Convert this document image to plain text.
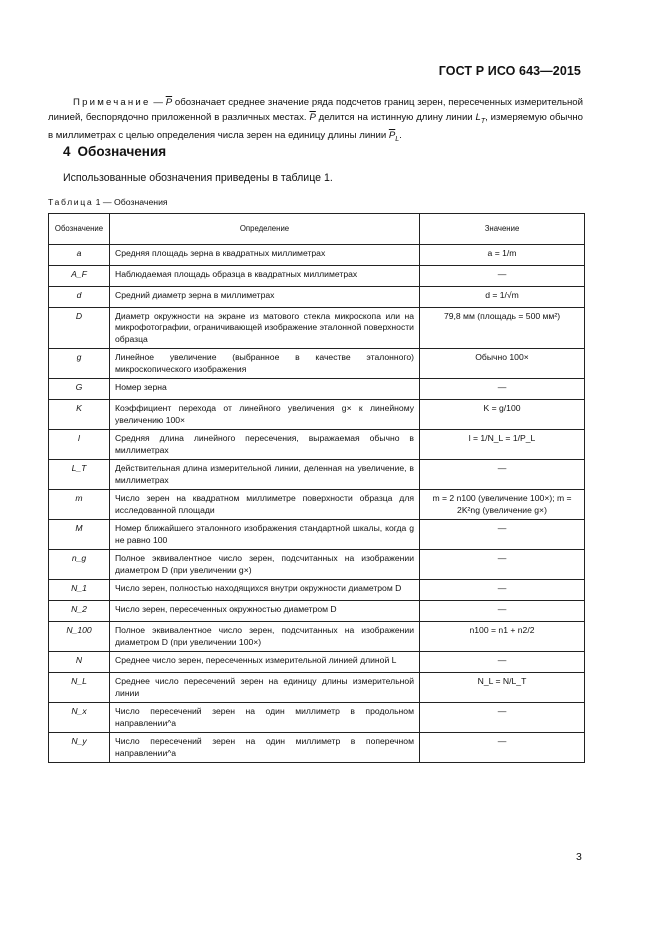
ГОСТ Р ИСО 643—2015
Примечание — $\overline{P}$ обозначает среднее значение ряда подсчетов границ зерен, пересеченных измерительной линией, беспорядочно приложенной в различных местах. $\overline{P}$ делится на истинную длину линии $L_T$, измеряемую обычно в миллиметрах с целью определения числа зерен на единицу длины линии $\overline{P}_L$.
4 Обозначения
Использованные обозначения приведены в таблице 1.
Таблица 1 — Обозначения
Обозначение	Определение	Значение
a	Средняя площадь зерна в квадратных миллиметрах	a = 1/m
A_F	Наблюдаемая площадь образца в квадратных миллиметрах	—
d	Средний диаметр зерна в миллиметрах	d = 1/√m
D	Диаметр окружности на экране из матового стекла микроскопа или на микрофотографии, ограничивающей изображение эталонной поверхности образца	79,8 мм (площадь = 500 мм²)
g	Линейное увеличение (выбранное в качестве эталонного) микроскопического изображения	Обычно 100×
G	Номер зерна	—
K	Коэффициент перехода от линейного увеличения g× к линейному увеличению 100×	K = g/100
l	Средняя длина линейного пересечения, выражаемая обычно в миллиметрах	l = 1/N_L = 1/P_L
L_T	Действительная длина измерительной линии, деленная на увеличение, в миллиметрах	—
m	Число зерен на квадратном миллиметре поверхности образца для исследованной площади	m = 2 n100 (увеличение 100×); m = 2K²ng (увеличение g×)
M	Номер ближайшего эталонного изображения стандартной шкалы, когда g не равно 100	—
n_g	Полное эквивалентное число зерен, подсчитанных на изображении диаметром D (при увеличении g×)	—
N_1	Число зерен, полностью находящихся внутри окружности диаметром D	—
N_2	Число зерен, пересеченных окружностью диаметром D	—
N_100	Полное эквивалентное число зерен, подсчитанных на изображении диаметром D (при увеличении 100×)	n100 = n1 + n2/2
N	Среднее число зерен, пересеченных измерительной линией длиной L	—
N_L	Среднее число пересечений зерен на единицу длины измерительной линии	N_L = N/L_T
N_x	Число пересечений зерен на один миллиметр в продольном направлении^a	—
N_y	Число пересечений зерен на один миллиметр в поперечном направлении^a	—
3
